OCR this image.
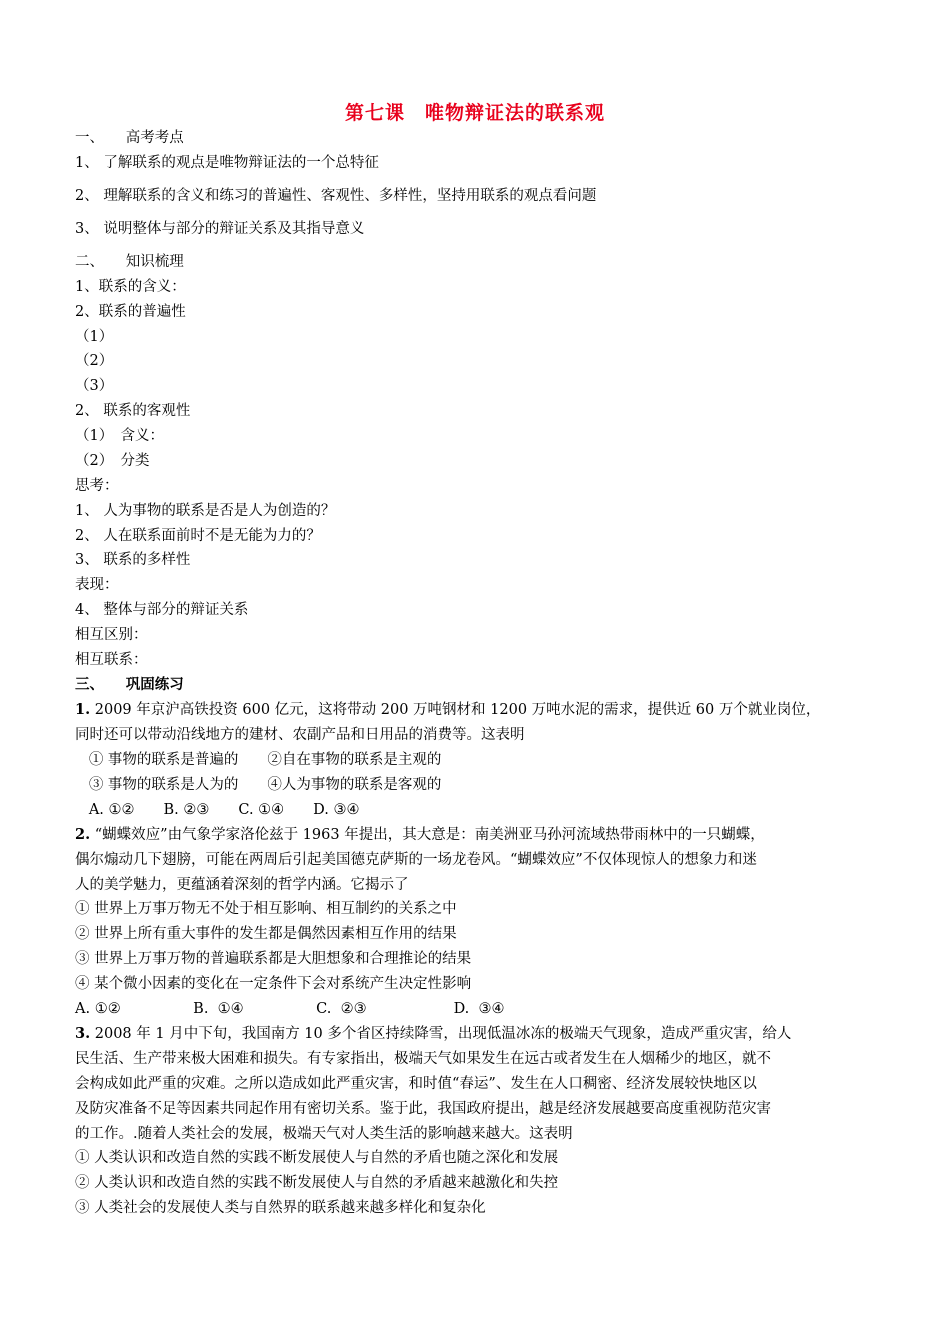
第七课　唯物辩证法的联系观
一、　　高考考点
1、 了解联系的观点是唯物辩证法的一个总特征
2、 理解联系的含义和练习的普遍性、客观性、多样性，坚持用联系的观点看问题
3、 说明整体与部分的辩证关系及其指导意义
二、　　知识梳理
1、联系的含义：
2、联系的普遍性
（1）
（2）
（3）
2、 联系的客观性
（1）　含义：
（2）　分类
思考：
1、 人为事物的联系是否是人为创造的？
2、 人在联系面前时不是无能为力的？
3、 联系的多样性
表现：
4、 整体与部分的辩证关系
相互区别：
相互联系：
三、　　巩固练习
1. 2009 年京沪高铁投资 600 亿元，这将带动 200 万吨钢材和 1200 万吨水泥的需求，提供近 60 万个就业岗位，
同时还可以带动沿线地方的建材、农副产品和日用品的消费等。这表明
① 事物的联系是普遍的　　②自在事物的联系是主观的
③ 事物的联系是人为的　　④人为事物的联系是客观的
A. ①②　　B. ②③　　C. ①④　　D. ③④
2. “蝴蝶效应”由气象学家洛伦兹于 1963 年提出，其大意是：南美洲亚马孙河流域热带雨林中的一只蝴蝶，
偶尔煽动几下翅膀，可能在两周后引起美国德克萨斯的一场龙卷风。“蝴蝶效应”不仅体现惊人的想象力和迷
人的美学魅力，更蕴涵着深刻的哲学内涵。它揭示了
① 世界上万事万物无不处于相互影响、相互制约的关系之中
② 世界上所有重大事件的发生都是偶然因素相互作用的结果
③ 世界上万事万物的普遍联系都是大胆想象和合理推论的结果
④ 某个微小因素的变化在一定条件下会对系统产生决定性影响
A. ①②　　　　　B.  ①④　　　　　C.  ②③　　　　　　D.  ③④
3. 2008 年 1 月中下旬，我国南方 10 多个省区持续降雪，出现低温冰冻的极端天气现象，造成严重灾害，给人
民生活、生产带来极大困难和损失。有专家指出，极端天气如果发生在远古或者发生在人烟稀少的地区，就不
会构成如此严重的灾难。之所以造成如此严重灾害，和时值“春运”、发生在人口稠密、经济发展较快地区以
及防灾准备不足等因素共同起作用有密切关系。鉴于此，我国政府提出，越是经济发展越要高度重视防范灾害
的工作。.随着人类社会的发展，极端天气对人类生活的影响越来越大。这表明
① 人类认识和改造自然的实践不断发展使人与自然的矛盾也随之深化和发展
② 人类认识和改造自然的实践不断发展使人与自然的矛盾越来越激化和失控
③ 人类社会的发展使人类与自然界的联系越来越多样化和复杂化
